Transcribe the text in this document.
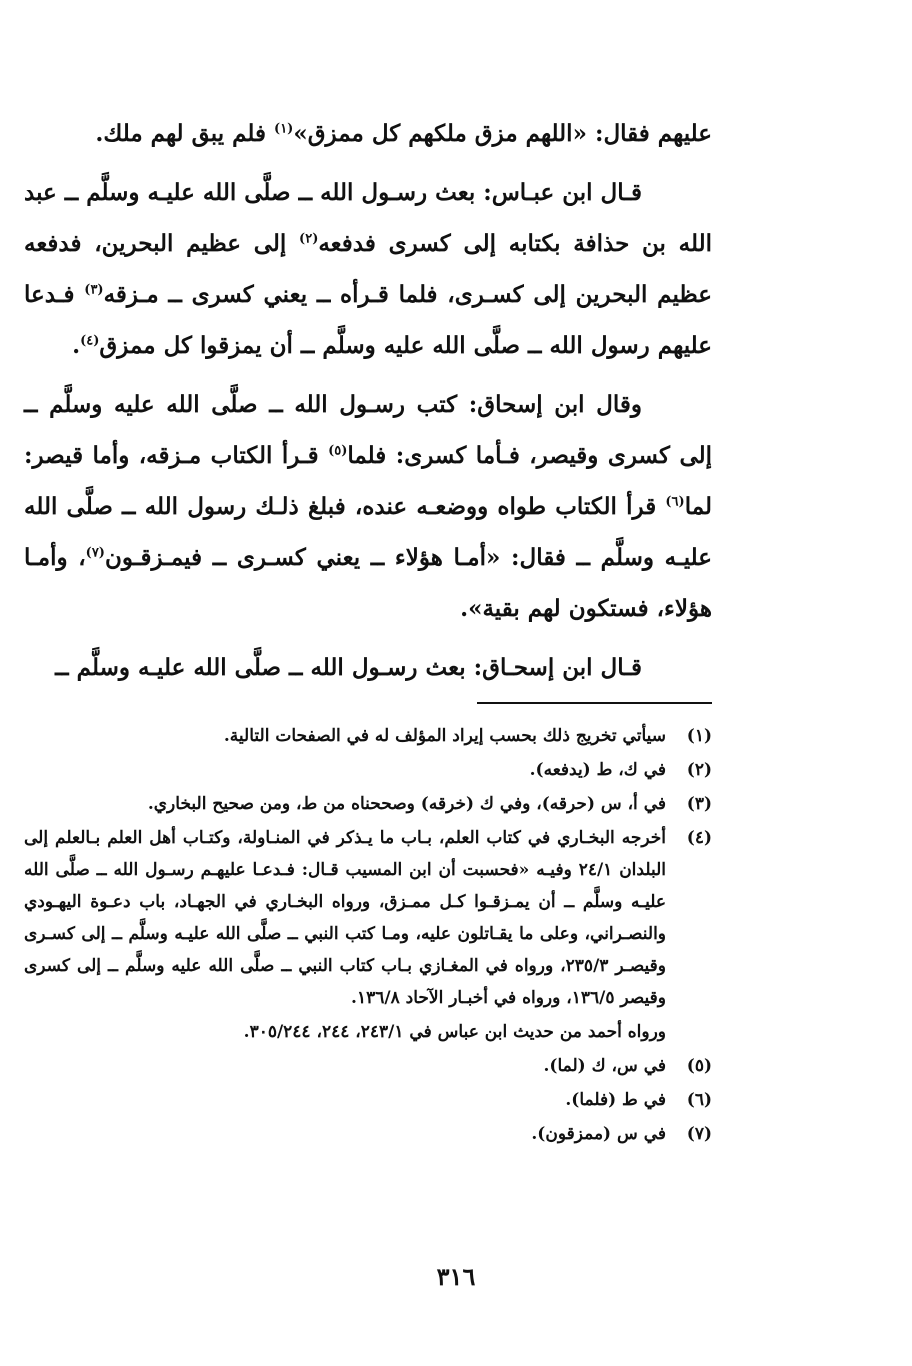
عليهم فقال: «اللهم مزق ملكهم كل ممزق»$^{(١)}$ فلم يبق لهم ملك.

قـال ابن عبـاس: بعث رسـول الله ــ صلَّى الله عليـه وسلَّم ــ عبد الله بن حذافة بكتابه إلى كسرى فدفعه$^{(٢)}$ إلى عظيم البحرين، فدفعه عظيم البحرين إلى كسـرى، فلما قـرأه ــ يعني كسرى ــ مـزقه$^{(٣)}$ فـدعا عليهم رسول الله ــ صلَّى الله عليه وسلَّم ــ أن يمزقوا كل ممزق$^{(٤)}$.

وقال ابن إسحاق: كتب رسـول الله ــ صلَّى الله عليه وسلَّم ــ إلى كسرى وقيصر، فـأما كسرى: فلما$^{(٥)}$ قـرأ الكتاب مـزقه، وأما قيصر: لما$^{(٦)}$ قرأ الكتاب طواه ووضعـه عنده، فبلغ ذلـك رسول الله ــ صلَّى الله عليـه وسلَّم ــ فقال: «أمـا هؤلاء ــ يعني كسـرى ــ فيمـزقـون$^{(٧)}$، وأمـا هؤلاء، فستكون لهم بقية».

قـال ابن إسحـاق: بعث رسـول الله ــ صلَّى الله عليـه وسلَّم ــ

(١)
سيأتي تخريج ذلك بحسب إيراد المؤلف له في الصفحات التالية.
(٢)
في ك، ط (يدفعه).
(٣)
في أ، س (حرقه)، وفي ك (خرقه) وصححناه من ط، ومن صحيح البخاري.
(٤)
أخرجه البخـاري في كتاب العلم، بـاب ما يـذكر في المنـاولة، وكتـاب أهل العلم بـالعلم إلى البلدان ٢٤/١ وفيـه «فحسبت أن ابن المسيب قـال: فـدعـا عليهـم رسـول الله ــ صلَّى الله عليـه وسلَّم ــ أن يمـزقـوا كـل ممـزق، ورواه البخـاري في الجهـاد، باب دعـوة اليهـودي والنصـراني، وعلى ما يقـاتلون عليه، ومـا كتب النبي ــ صلَّى الله عليـه وسلَّم ــ إلى كسـرى وقيصـر ٢٣٥/٣، ورواه في المغـازي بـاب كتاب النبي ــ صلَّى الله عليه وسلَّم ــ إلى كسرى وقيصر ١٣٦/٥، ورواه في أخبـار الآحاد ١٣٦/٨.
ورواه أحمد من حديث ابن عباس في ٢٤٣/١، ٢٤٤، ٣٠٥/٢٤٤.
(٥)
في س، ك (لما).
(٦)
في ط (فلما).
(٧)
في س (ممزقون).
٣١٦
